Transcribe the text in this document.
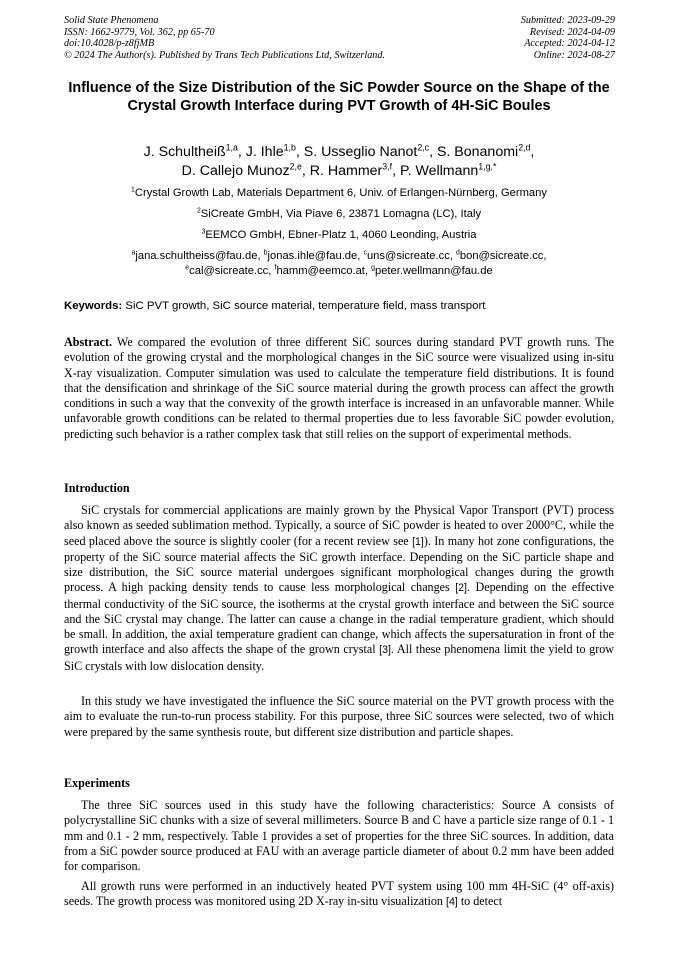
Solid State Phenomena
ISSN: 1662-9779, Vol. 362, pp 65-70
doi:10.4028/p-z8fjMB
© 2024 The Author(s). Published by Trans Tech Publications Ltd, Switzerland.
Submitted: 2023-09-29
Revised: 2024-04-09
Accepted: 2024-04-12
Online: 2024-08-27
Influence of the Size Distribution of the SiC Powder Source on the Shape of the Crystal Growth Interface during PVT Growth of 4H-SiC Boules
J. Schultheiß$^{1,a}$, J. Ihle$^{1,b}$, S. Usseglio Nanot$^{2,c}$, S. Bonanomi$^{2,d}$,
D. Callejo Munoz$^{2,e}$, R. Hammer$^{3,f}$, P. Wellmann$^{1,g,*}$
$^1$Crystal Growth Lab, Materials Department 6, Univ. of Erlangen-Nürnberg, Germany
$^2$SiCreate GmbH, Via Piave 6, 23871 Lomagna (LC), Italy
$^3$EEMCO GmbH, Ebner-Platz 1, 4060 Leonding, Austria
$^a$jana.schultheiss@fau.de, $^b$jonas.ihle@fau.de, $^c$uns@sicreate.cc, $^d$bon@sicreate.cc,
$^e$cal@sicreate.cc, $^f$hamm@eemco.at, $^g$peter.wellmann@fau.de
Keywords: SiC PVT growth, SiC source material, temperature field, mass transport
Abstract. We compared the evolution of three different SiC sources during standard PVT growth runs. The evolution of the growing crystal and the morphological changes in the SiC source were visualized using in-situ X-ray visualization. Computer simulation was used to calculate the temperature field distributions. It is found that the densification and shrinkage of the SiC source material during the growth process can affect the growth conditions in such a way that the convexity of the growth interface is increased in an unfavorable manner. While unfavorable growth conditions can be related to thermal properties due to less favorable SiC powder evolution, predicting such behavior is a rather complex task that still relies on the support of experimental methods.
Introduction
SiC crystals for commercial applications are mainly grown by the Physical Vapor Transport (PVT) process also known as seeded sublimation method. Typically, a source of SiC powder is heated to over 2000°C, while the seed placed above the source is slightly cooler (for a recent review see [1]). In many hot zone configurations, the property of the SiC source material affects the SiC growth interface. Depending on the SiC particle shape and size distribution, the SiC source material undergoes significant morphological changes during the growth process. A high packing density tends to cause less morphological changes [2]. Depending on the effective thermal conductivity of the SiC source, the isotherms at the crystal growth interface and between the SiC source and the SiC crystal may change. The latter can cause a change in the radial temperature gradient, which should be small. In addition, the axial temperature gradient can change, which affects the supersaturation in front of the growth interface and also affects the shape of the grown crystal [3]. All these phenomena limit the yield to grow SiC crystals with low dislocation density.
In this study we have investigated the influence the SiC source material on the PVT growth process with the aim to evaluate the run-to-run process stability. For this purpose, three SiC sources were selected, two of which were prepared by the same synthesis route, but different size distribution and particle shapes.
Experiments
The three SiC sources used in this study have the following characteristics: Source A consists of polycrystalline SiC chunks with a size of several millimeters. Source B and C have a particle size range of 0.1 - 1 mm and 0.1 - 2 mm, respectively. Table 1 provides a set of properties for the three SiC sources. In addition, data from a SiC powder source produced at FAU with an average particle diameter of about 0.2 mm have been added for comparison.
All growth runs were performed in an inductively heated PVT system using 100 mm 4H-SiC (4° off-axis) seeds. The growth process was monitored using 2D X-ray in-situ visualization [4] to detect
